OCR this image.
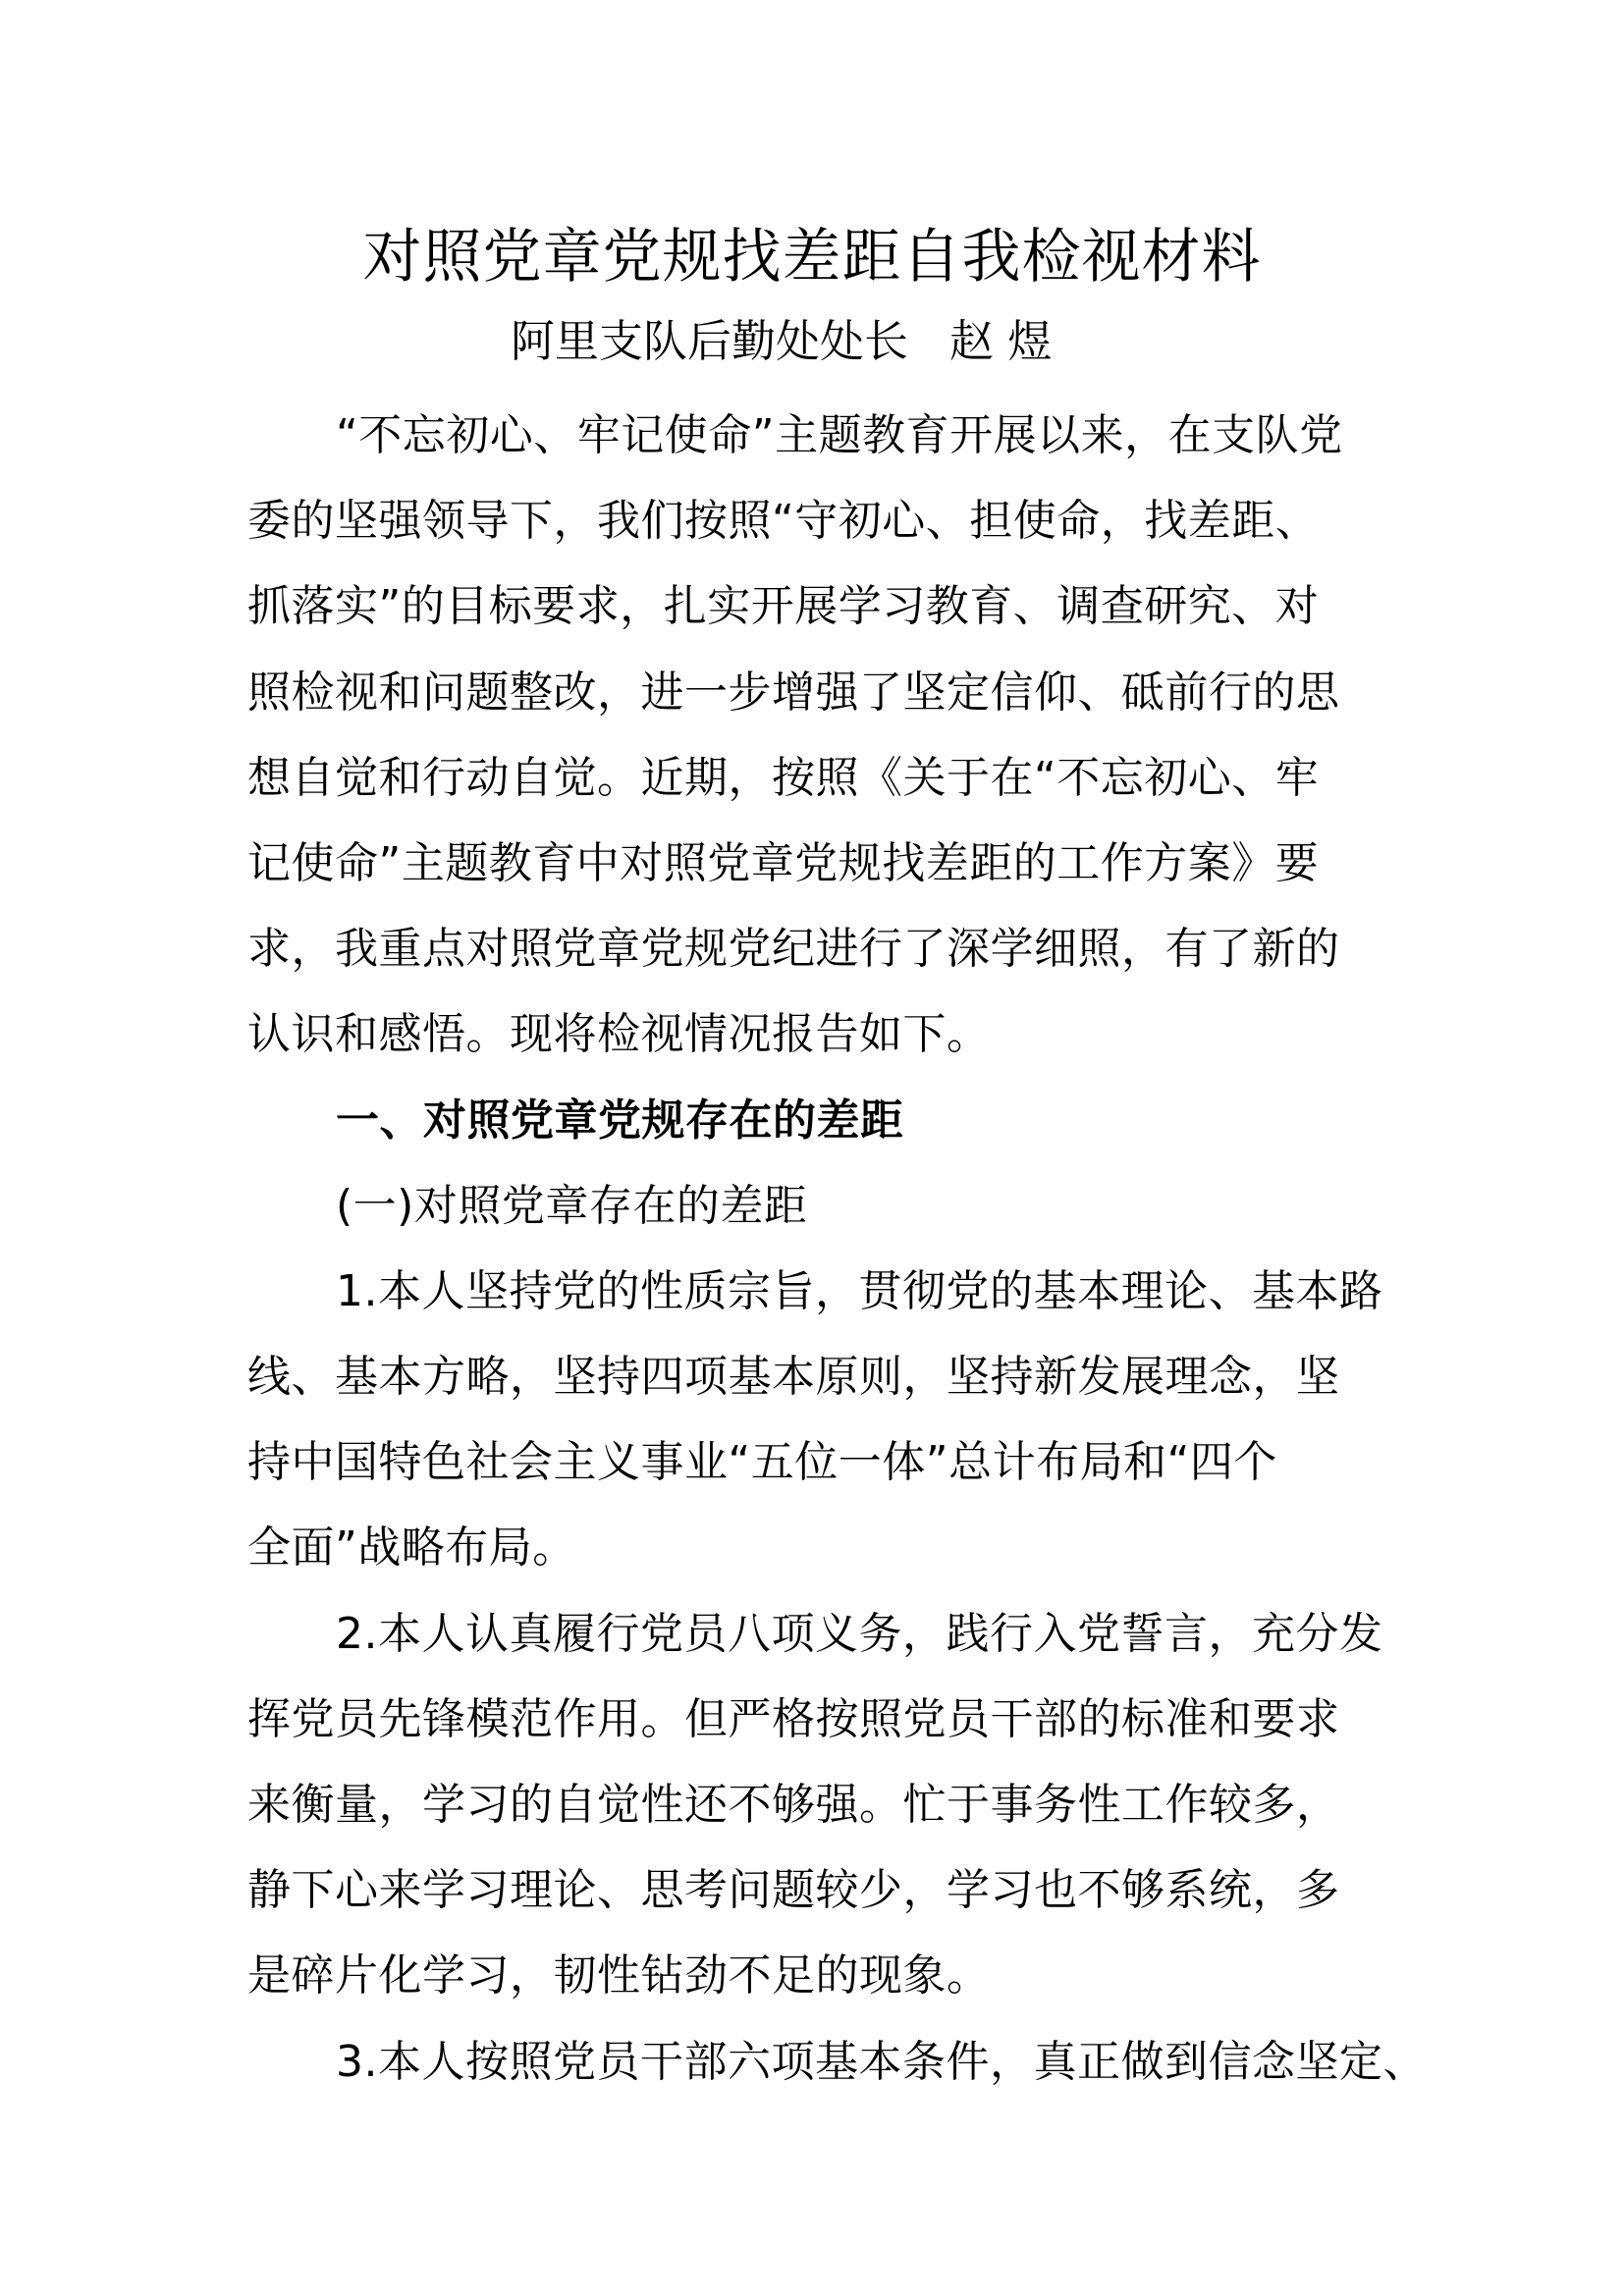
对照党章党规找差距自我检视材料
阿里支队后勤处处长 赵 煜
“不忘初心、牢记使命”主题教育开展以来，在支队党
委的坚强领导下，我们按照“守初心、担使命，找差距、
抓落实”的目标要求，扎实开展学习教育、调查研究、对
照检视和问题整改，进一步增强了坚定信仰、砥前行的思
想自觉和行动自觉。近期，按照《关于在“不忘初心、牢
记使命”主题教育中对照党章党规找差距的工作方案》要
求，我重点对照党章党规党纪进行了深学细照，有了新的
认识和感悟。现将检视情况报告如下。
一、对照党章党规存在的差距
(一)对照党章存在的差距
1.本人坚持党的性质宗旨，贯彻党的基本理论、基本路
线、基本方略，坚持四项基本原则，坚持新发展理念，坚
持中国特色社会主义事业“五位一体”总计布局和“四个
全面”战略布局。
2.本人认真履行党员八项义务，践行入党誓言，充分发
挥党员先锋模范作用。但严格按照党员干部的标准和要求
来衡量，学习的自觉性还不够强。忙于事务性工作较多，
静下心来学习理论、思考问题较少，学习也不够系统，多
是碎片化学习，韧性钻劲不足的现象。
3.本人按照党员干部六项基本条件，真正做到信念坚定、
